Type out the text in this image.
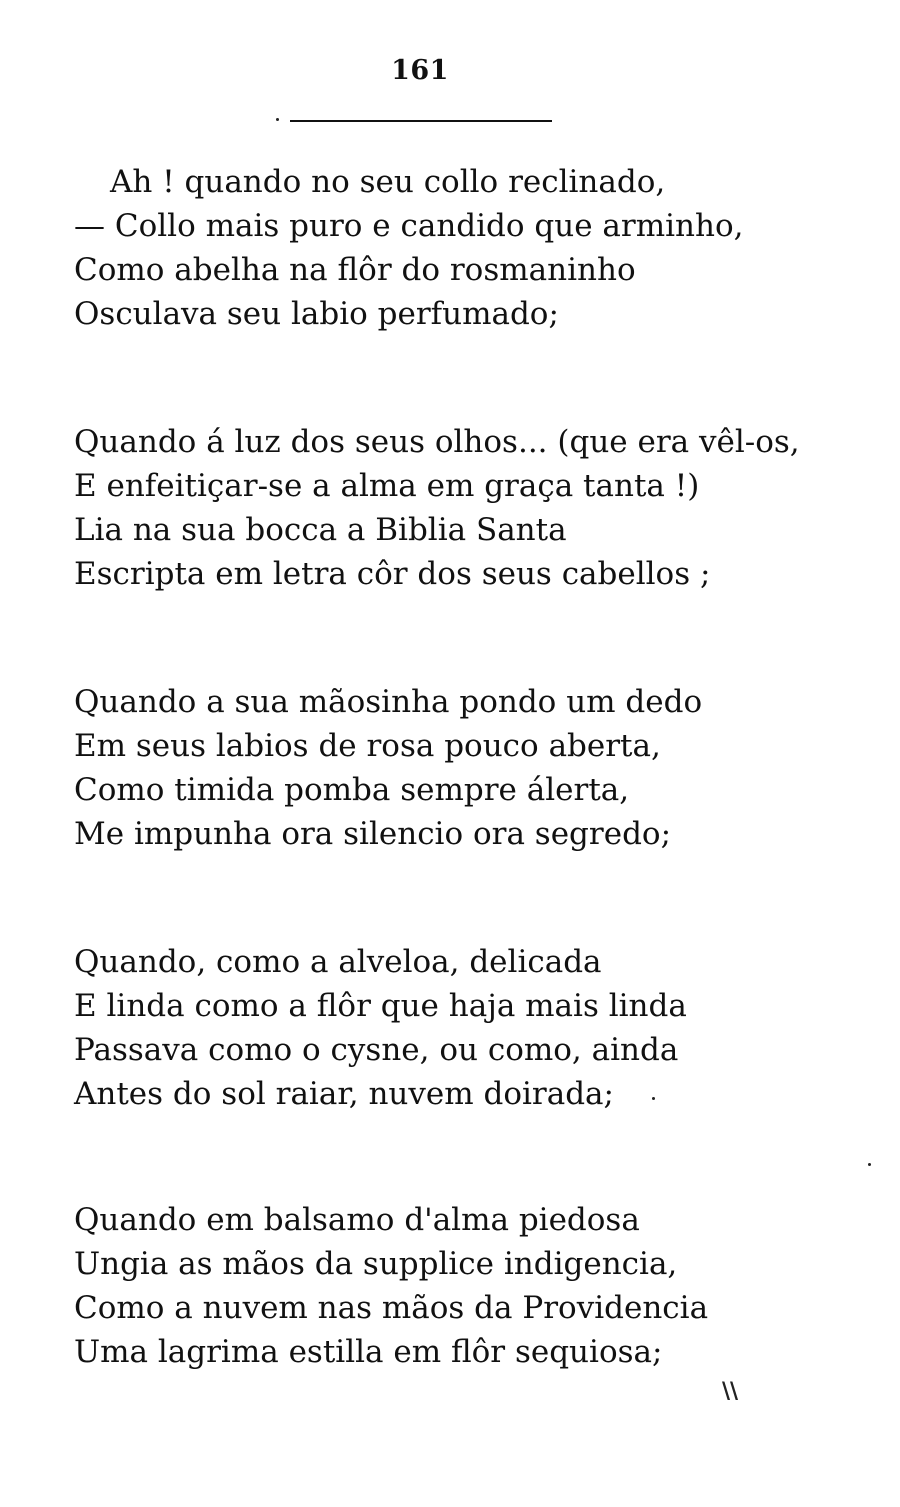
161
Ah ! quando no seu collo reclinado,
— Collo mais puro e candido que arminho,
Como abelha na flôr do rosmaninho
Osculava seu labio perfumado;
Quando á luz dos seus olhos... (que era vêl-os,
E enfeitiçar-se a alma em graça tanta !)
Lia na sua bocca a Biblia Santa
Escripta em letra côr dos seus cabellos ;
Quando a sua mãosinha pondo um dedo
Em seus labios de rosa pouco aberta,
Como timida pomba sempre álerta,
Me impunha ora silencio ora segredo;
Quando, como a alveloa, delicada
E linda como a flôr que haja mais linda
Passava como o cysne, ou como, ainda
Antes do sol raiar, nuvem doirada;
Quando em balsamo d'alma piedosa
Ungia as mãos da supplice indigencia,
Como a nuvem nas mãos da Providencia
Uma lagrima estilla em flôr sequiosa;
\\
